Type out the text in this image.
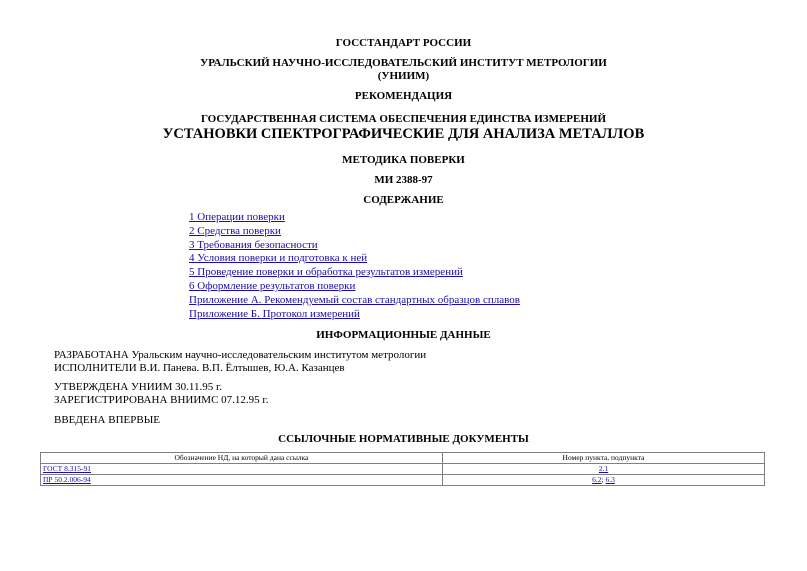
ГОССТАНДАРТ РОССИИ
УРАЛЬСКИЙ НАУЧНО-ИССЛЕДОВАТЕЛЬСКИЙ ИНСТИТУТ МЕТРОЛОГИИ
(УНИИМ)
РЕКОМЕНДАЦИЯ
ГОСУДАРСТВЕННАЯ СИСТЕМА ОБЕСПЕЧЕНИЯ ЕДИНСТВА ИЗМЕРЕНИЙ
УСТАНОВКИ СПЕКТРОГРАФИЧЕСКИЕ ДЛЯ АНАЛИЗА МЕТАЛЛОВ
МЕТОДИКА ПОВЕРКИ
МИ 2388-97
СОДЕРЖАНИЕ
1 Операции поверки
2 Средства поверки
3 Требования безопасности
4 Условия поверки и подготовка к ней
5 Проведение поверки и обработка результатов измерений
6 Оформление результатов поверки
Приложение А. Рекомендуемый состав стандартных образцов сплавов
Приложение Б. Протокол измерений
ИНФОРМАЦИОННЫЕ ДАННЫЕ
РАЗРАБОТАНА Уральским научно-исследовательским институтом метрологии
ИСПОЛНИТЕЛИ В.И. Панева. В.П. Ёлтышев, Ю.А. Казанцев
УТВЕРЖДЕНА УНИИМ 30.11.95 г.
ЗАРЕГИСТРИРОВАНА ВНИИМС 07.12.95 г.
ВВЕДЕНА ВПЕРВЫЕ
ССЫЛОЧНЫЕ НОРМАТИВНЫЕ ДОКУМЕНТЫ
Обозначение НД, на который дана ссылка	Номер пункта, подпункта
ГОСТ 8.315-91	2.1
ПР 50.2.006-94	6.2; 6.3
